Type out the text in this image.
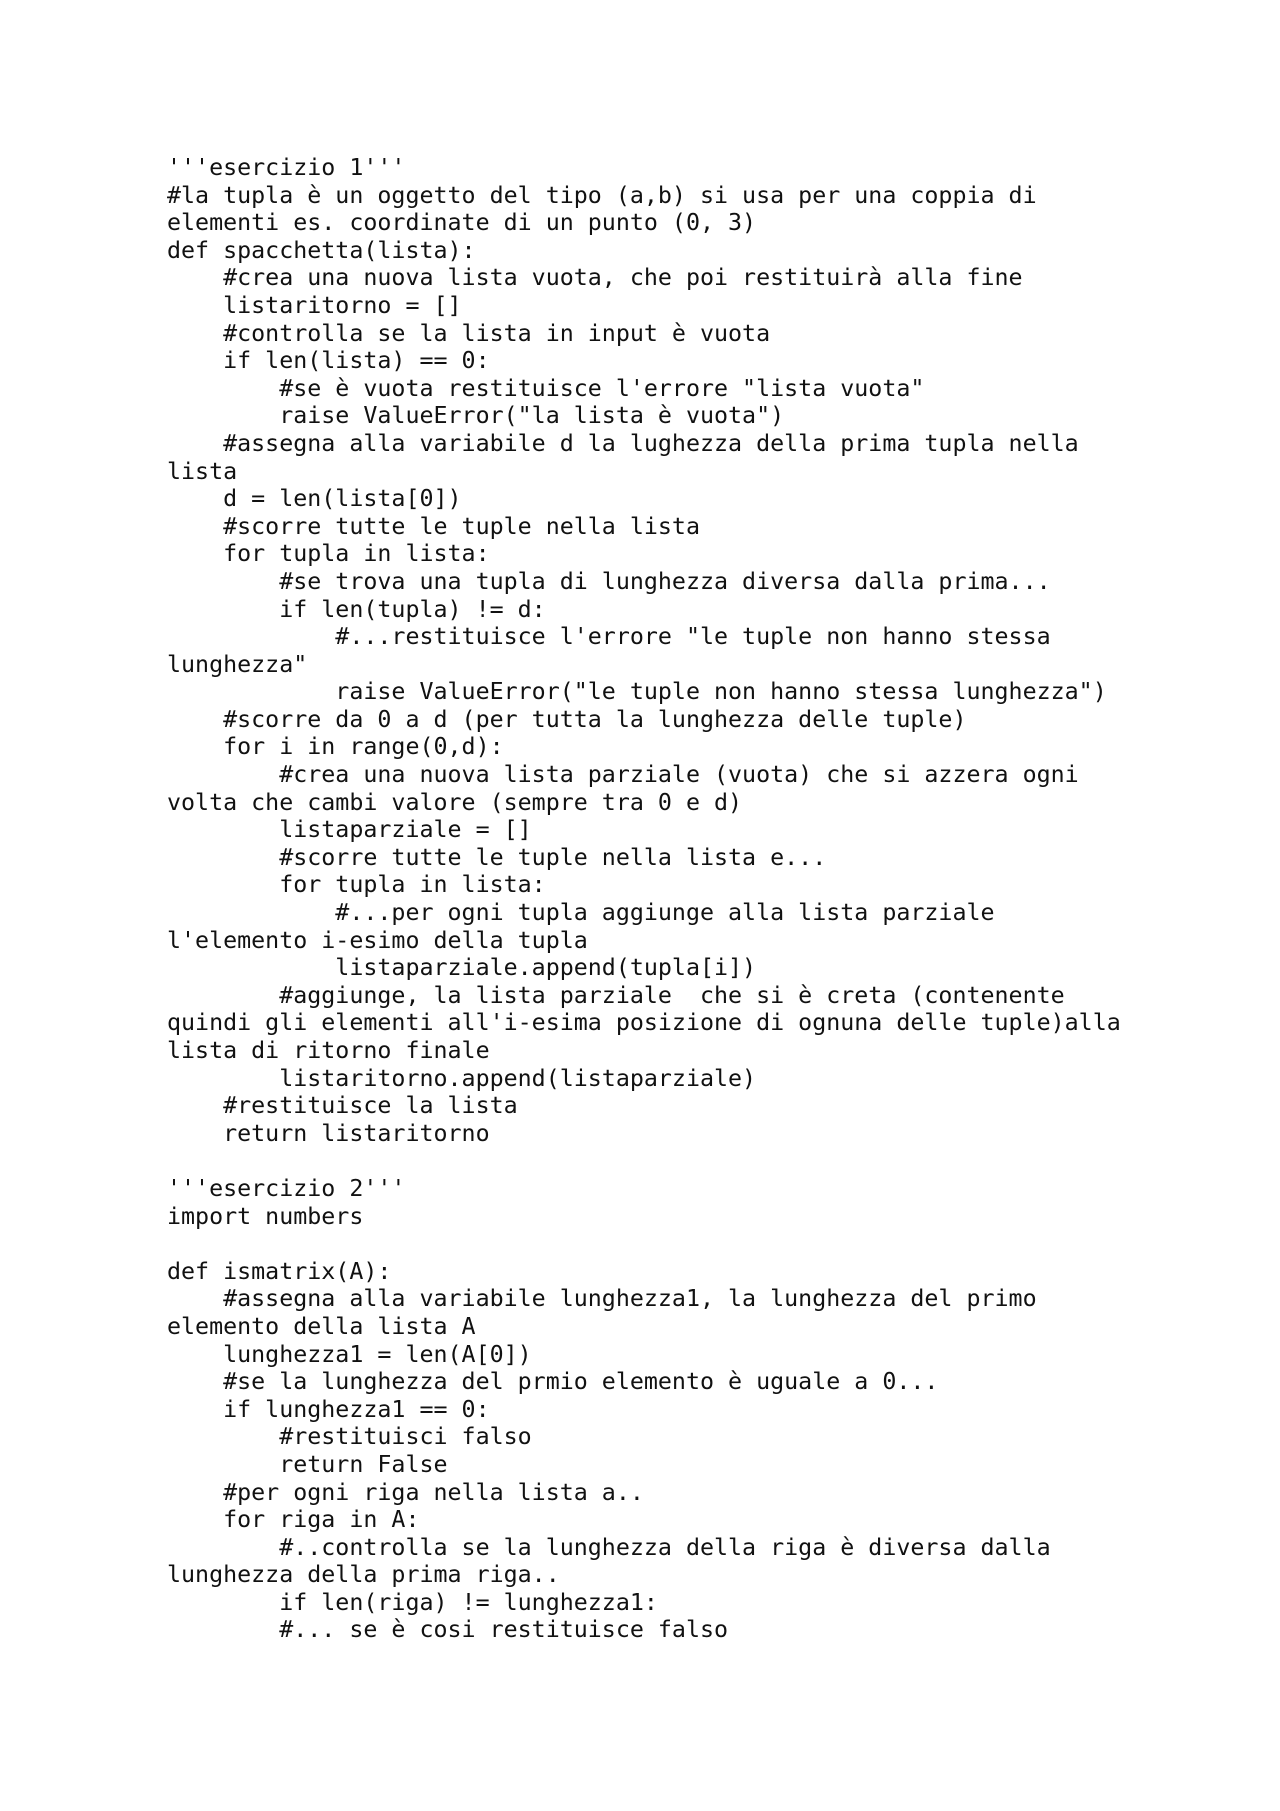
'''esercizio 1'''
#la tupla è un oggetto del tipo (a,b) si usa per una coppia di
elementi es. coordinate di un punto (0, 3)
def spacchetta(lista):
#crea una nuova lista vuota, che poi restituirà alla fine
listaritorno = []
#controlla se la lista in input è vuota
if len(lista) == 0:
#se è vuota restituisce l'errore "lista vuota"
raise ValueError("la lista è vuota")
#assegna alla variabile d la lughezza della prima tupla nella
lista
d = len(lista[0])
#scorre tutte le tuple nella lista
for tupla in lista:
#se trova una tupla di lunghezza diversa dalla prima...
if len(tupla) != d:
#...restituisce l'errore "le tuple non hanno stessa
lunghezza"
raise ValueError("le tuple non hanno stessa lunghezza")
#scorre da 0 a d (per tutta la lunghezza delle tuple)
for i in range(0,d):
#crea una nuova lista parziale (vuota) che si azzera ogni
volta che cambi valore (sempre tra 0 e d)
listaparziale = []
#scorre tutte le tuple nella lista e...
for tupla in lista:
#...per ogni tupla aggiunge alla lista parziale
l'elemento i-esimo della tupla
listaparziale.append(tupla[i])
#aggiunge, la lista parziale  che si è creta (contenente
quindi gli elementi all'i-esima posizione di ognuna delle tuple)alla
lista di ritorno finale
listaritorno.append(listaparziale)
#restituisce la lista
return listaritorno
'''esercizio 2'''
import numbers
def ismatrix(A):
#assegna alla variabile lunghezza1, la lunghezza del primo
elemento della lista A
lunghezza1 = len(A[0])
#se la lunghezza del prmio elemento è uguale a 0...
if lunghezza1 == 0:
#restituisci falso
return False
#per ogni riga nella lista a..
for riga in A:
#..controlla se la lunghezza della riga è diversa dalla
lunghezza della prima riga..
if len(riga) != lunghezza1:
#... se è cosi restituisce falso
